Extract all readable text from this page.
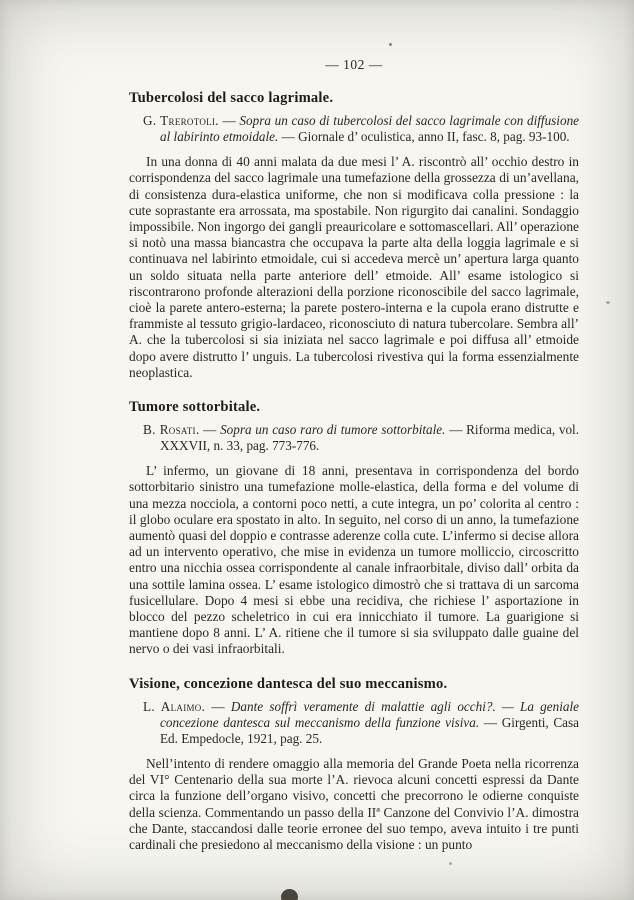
— 102 —
Tubercolosi del sacco lagrimale.

G. Trerotoli. — Sopra un caso di tubercolosi del sacco lagrimale con diffusione al labirinto etmoidale. — Giornale d’ oculistica, anno II, fasc. 8, pag. 93-100.

In una donna di 40 anni malata da due mesi l’ A. riscontrò all’ occhio destro in corrispondenza del sacco lagrimale una tumefazione della grossezza di un’avellana, di consistenza dura-elastica uniforme, che non si modificava colla pressione : la cute soprastante era arrossata, ma spostabile. Non rigurgito dai canalini. Sondaggio impossibile. Non ingorgo dei gangli preauricolare e sottomascellari. All’ operazione si notò una massa biancastra che occupava la parte alta della loggia lagrimale e si continuava nel labirinto etmoidale, cui si accedeva mercè un’ apertura larga quanto un soldo situata nella parte anteriore dell’ etmoide. All’ esame istologico si riscontrarono profonde alterazioni della porzione riconoscibile del sacco lagrimale, cioè la parete antero-esterna; la parete postero-interna e la cupola erano distrutte e frammiste al tessuto grigio-lardaceo, riconosciuto di natura tubercolare. Sembra all’ A. che la tubercolosi si sia iniziata nel sacco lagrimale e poi diffusa all’ etmoide dopo avere distrutto l’ unguis. La tubercolosi rivestiva qui la forma essenzialmente neoplastica.

Tumore sottorbitale.

B. Rosati. — Sopra un caso raro di tumore sottorbitale. — Riforma medica, vol. XXXVII, n. 33, pag. 773-776.

L’ infermo, un giovane di 18 anni, presentava in corrispondenza del bordo sottorbitario sinistro una tumefazione molle-elastica, della forma e del volume di una mezza nocciola, a contorni poco netti, a cute integra, un po’ colorita al centro : il globo oculare era spostato in alto. In seguito, nel corso di un anno, la tumefazione aumentò quasi del doppio e contrasse aderenze colla cute. L’infermo si decise allora ad un intervento operativo, che mise in evidenza un tumore molliccio, circoscritto entro una nicchia ossea corrispondente al canale infraorbitale, diviso dall’ orbita da una sottile lamina ossea. L’ esame istologico dimostrò che si trattava di un sarcoma fusicellulare. Dopo 4 mesi si ebbe una recidiva, che richiese l’ asportazione in blocco del pezzo scheletrico in cui era innicchiato il tumore. La guarigione si mantiene dopo 8 anni. L’ A. ritiene che il tumore si sia sviluppato dalle guaine del nervo o dei vasi infraorbitali.

Visione, concezione dantesca del suo meccanismo.

L. Alaimo. — Dante soffrì veramente di malattie agli occhi?. — La geniale concezione dantesca sul meccanismo della funzione visiva. — Girgenti, Casa Ed. Empedocle, 1921, pag. 25.

Nell’intento di rendere omaggio alla memoria del Grande Poeta nella ricorrenza del VI° Centenario della sua morte l’A. rievoca alcuni concetti espressi da Dante circa la funzione dell’organo visivo, concetti che precorrono le odierne conquiste della scienza. Commentando un passo della IIª Canzone del Convivio l’A. dimostra che Dante, staccandosi dalle teorie erronee del suo tempo, aveva intuito i tre punti cardinali che presiedono al meccanismo della visione : un punto
